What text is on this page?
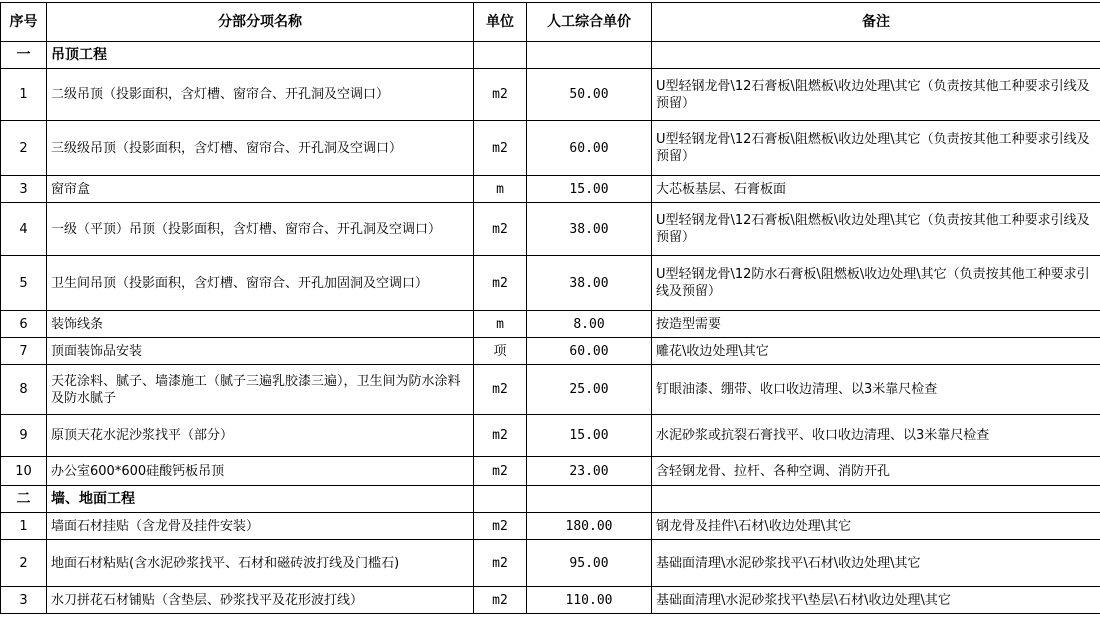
序号	分部分项名称	单位	人工综合单价	备注
一	吊顶工程			
1	二级吊顶（投影面积，含灯槽、窗帘合、开孔洞及空调口）	m2	50.00	U型轻钢龙骨\12石膏板\阻燃板\收边处理\其它（负责按其他工种要求引线及预留）
2	三级级吊顶（投影面积，含灯槽、窗帘合、开孔洞及空调口）	m2	60.00	U型轻钢龙骨\12石膏板\阻燃板\收边处理\其它（负责按其他工种要求引线及预留）
3	窗帘盒	m	15.00	大芯板基层、石膏板面
4	一级（平顶）吊顶（投影面积，含灯槽、窗帘合、开孔洞及空调口）	m2	38.00	U型轻钢龙骨\12石膏板\阻燃板\收边处理\其它（负责按其他工种要求引线及预留）
5	卫生间吊顶（投影面积，含灯槽、窗帘合、开孔加固洞及空调口）	m2	38.00	U型轻钢龙骨\12防水石膏板\阻燃板\收边处理\其它（负责按其他工种要求引线及预留）
6	装饰线条	m	8.00	按造型需要
7	顶面装饰品安装	项	60.00	雕花\收边处理\其它
8	天花涂料、腻子、墙漆施工（腻子三遍乳胶漆三遍），卫生间为防水涂料及防水腻子	m2	25.00	钉眼油漆、绷带、收口收边清理、以3米靠尺检查
9	原顶天花水泥沙浆找平（部分）	m2	15.00	水泥砂浆或抗裂石膏找平、收口收边清理、以3米靠尺检查
10	办公室600*600硅酸钙板吊顶	m2	23.00	含轻钢龙骨、拉杆、各种空调、消防开孔
二	墙、地面工程			
1	墙面石材挂贴（含龙骨及挂件安装）	m2	180.00	钢龙骨及挂件\石材\收边处理\其它
2	地面石材粘贴(含水泥砂浆找平、石材和磁砖波打线及门槛石)	m2	95.00	基础面清理\水泥砂浆找平\石材\收边处理\其它
3	水刀拼花石材铺贴（含垫层、砂浆找平及花形波打线）	m2	110.00	基础面清理\水泥砂浆找平\垫层\石材\收边处理\其它
